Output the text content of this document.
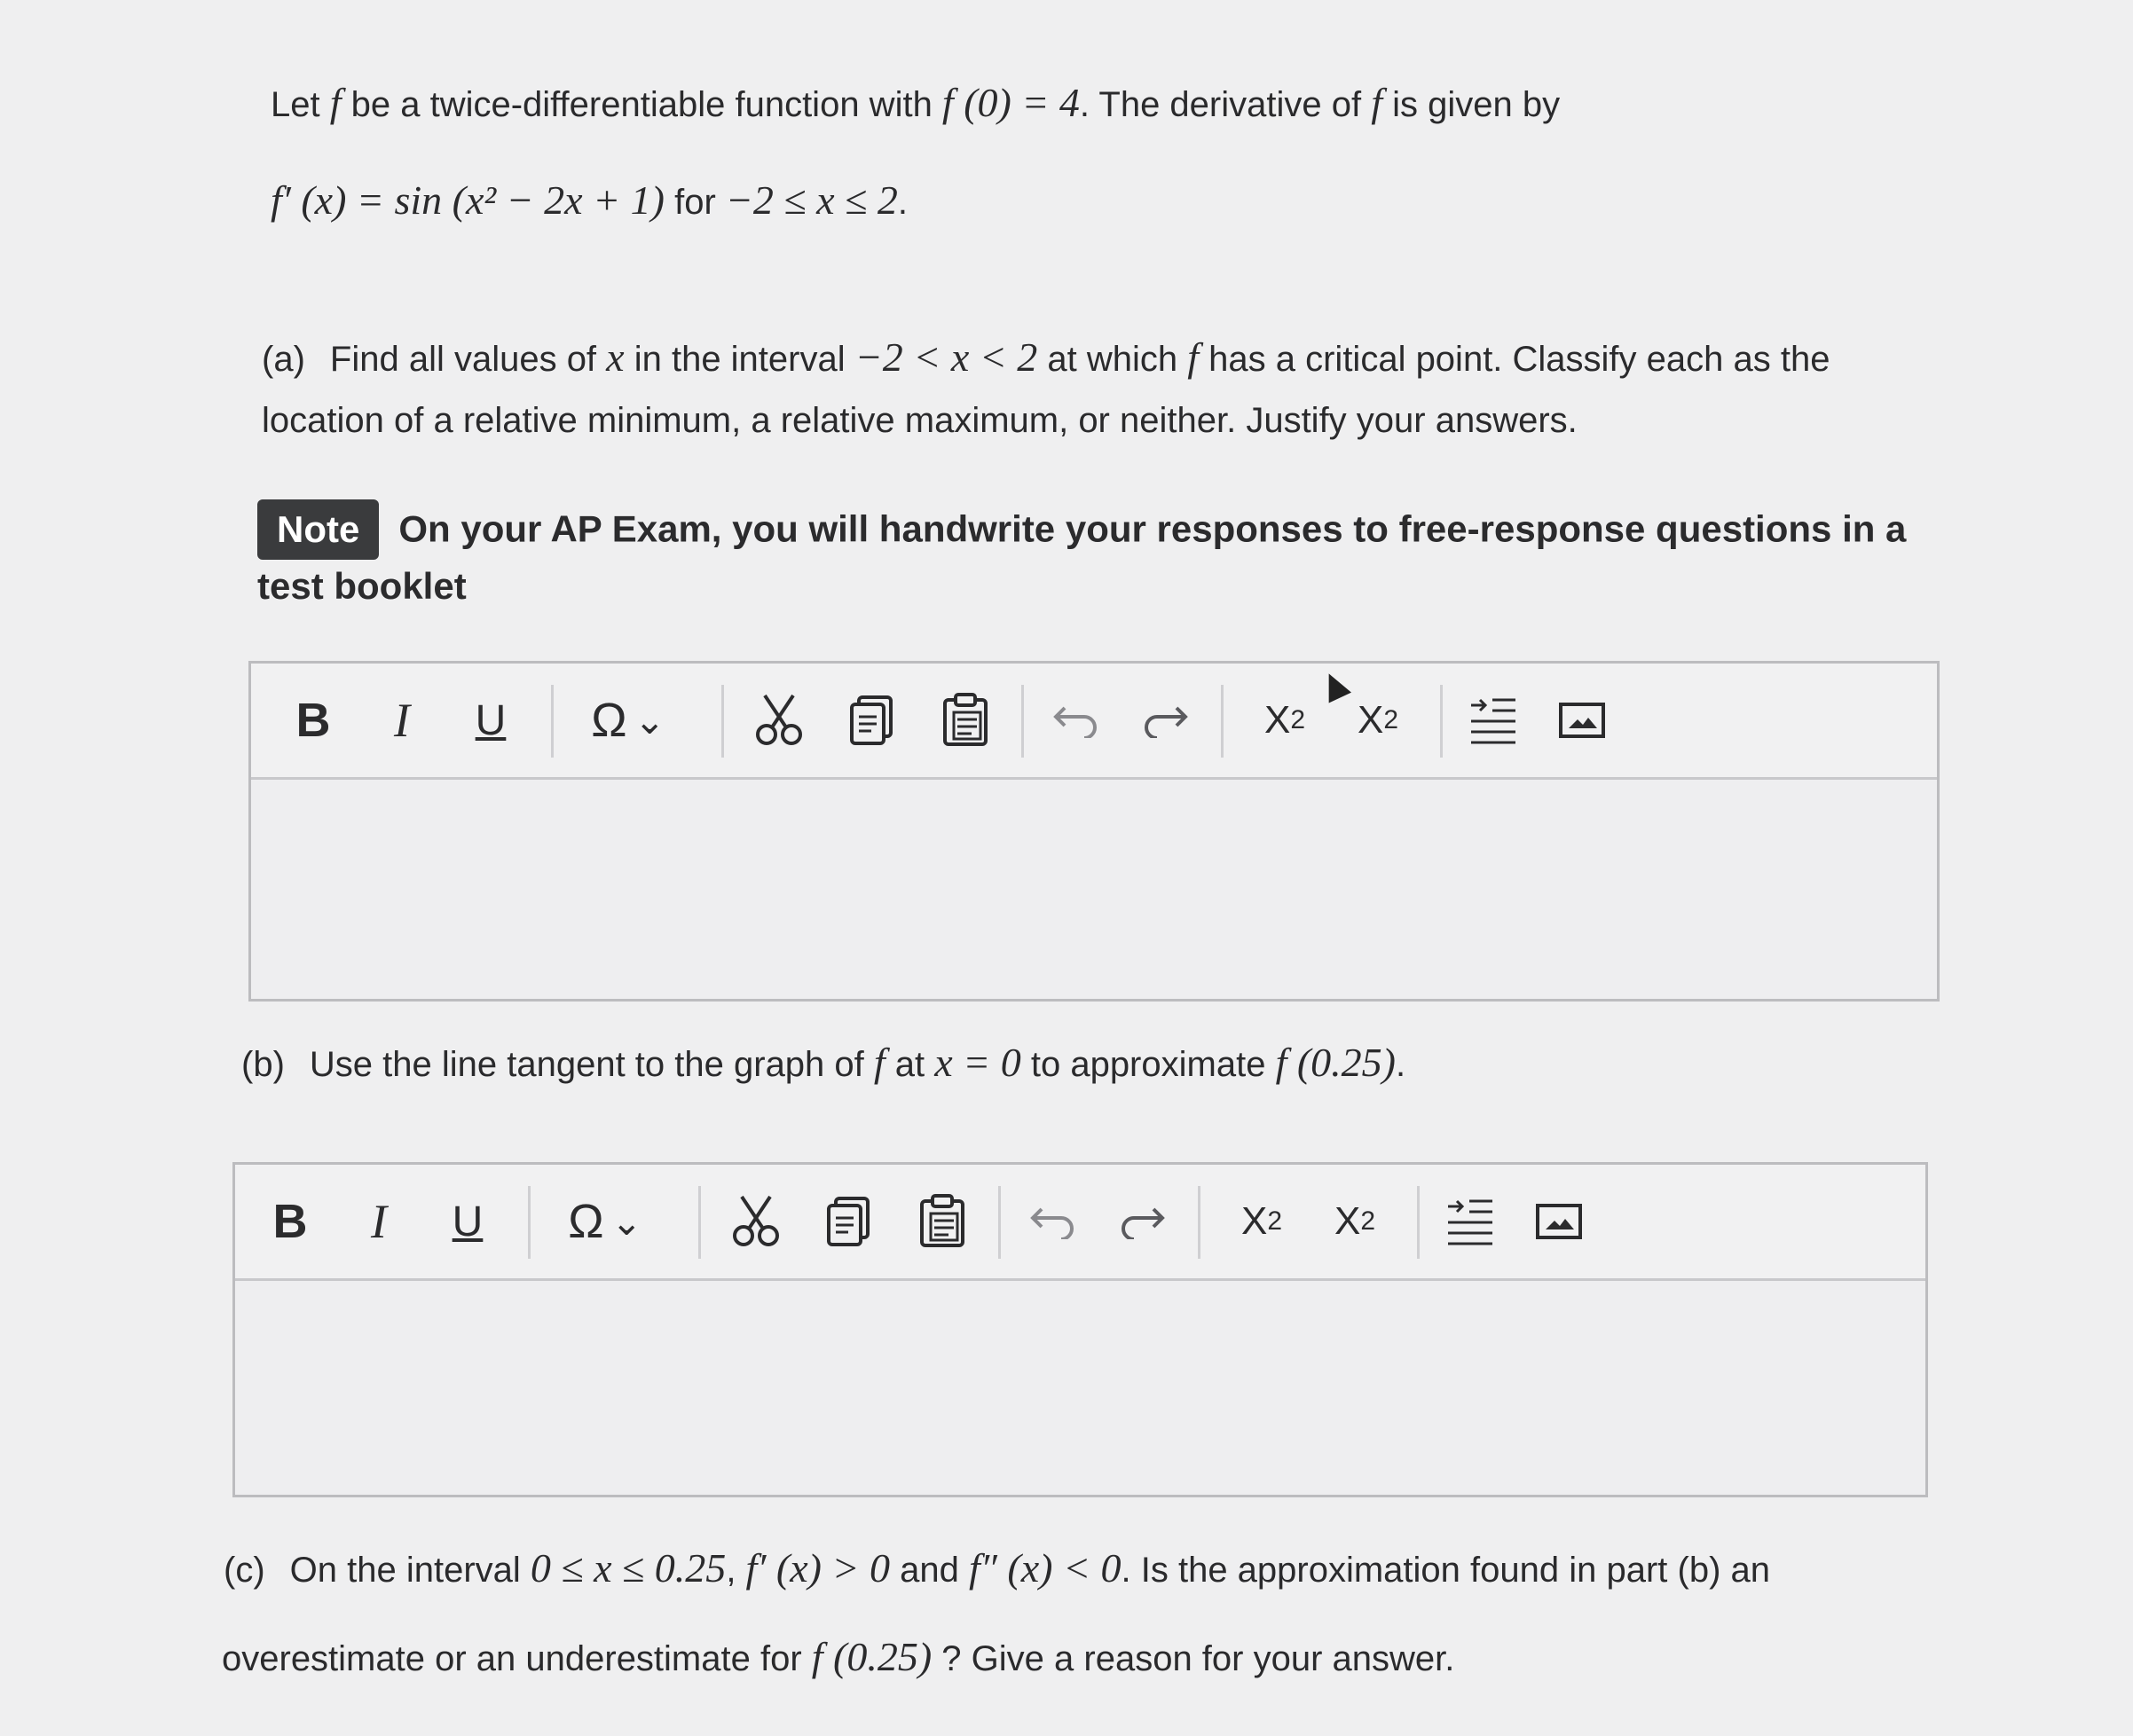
Let f be a twice-differentiable function with f (0) = 4. The derivative of f is given by
f′ (x) = sin (x² − 2x + 1) for −2 ≤ x ≤ 2.
(a) Find all values of x in the interval −2 < x < 2 at which f has a critical point. Classify each as the
location of a relative minimum, a relative maximum, or neither. Justify your answers.
Note On your AP Exam, you will handwrite your responses to free-response questions in a test booklet
B I U Ω ⌄	X 2 X 2
(b) Use the line tangent to the graph of f at x = 0 to approximate f (0.25).
B I U Ω ⌄	X 2 X 2
(c) On the interval 0 ≤ x ≤ 0.25, f′ (x) > 0 and f″ (x) < 0. Is the approximation found in part (b) an
overestimate or an underestimate for f (0.25) ? Give a reason for your answer.
